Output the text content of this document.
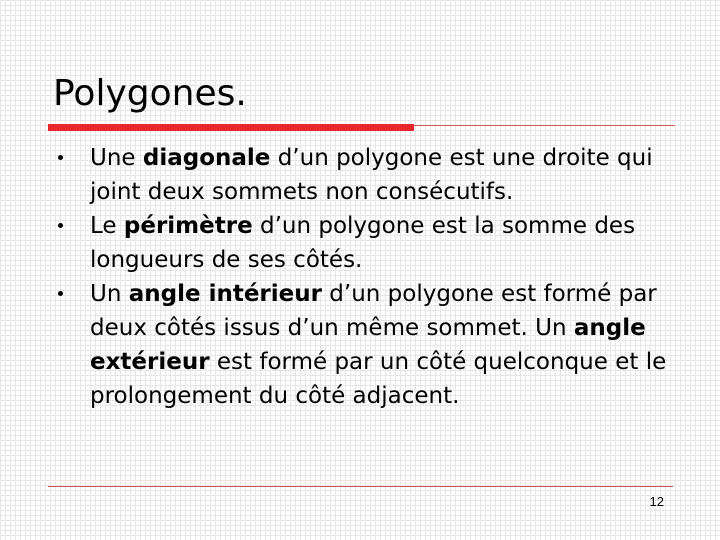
Polygones.
Une diagonale d’un polygone est une droite qui joint deux sommets non consécutifs.
Le périmètre d’un polygone est la somme des longueurs de ses côtés.
Un angle intérieur d’un polygone est formé par deux côtés issus d’un même sommet. Un angle extérieur est formé par un côté quelconque et le prolongement du côté adjacent.
12
